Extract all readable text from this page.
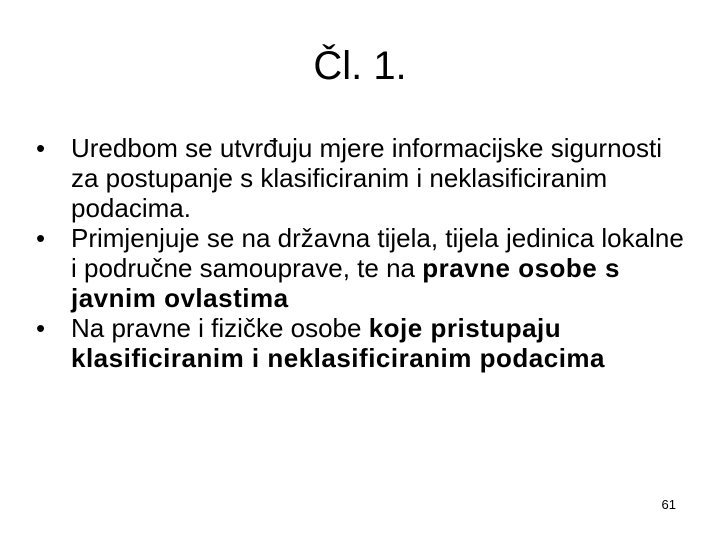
Čl. 1.
• Uredbom se utvrđuju mjere informacijske sigurnosti za postupanje s klasificiranim i neklasificiranim podacima.
• Primjenjuje se na državna tijela, tijela jedinica lokalne i područne samouprave, te na pravne osobe s javnim ovlastima
• Na pravne i fizičke osobe koje pristupaju klasificiranim i neklasificiranim podacima
61
